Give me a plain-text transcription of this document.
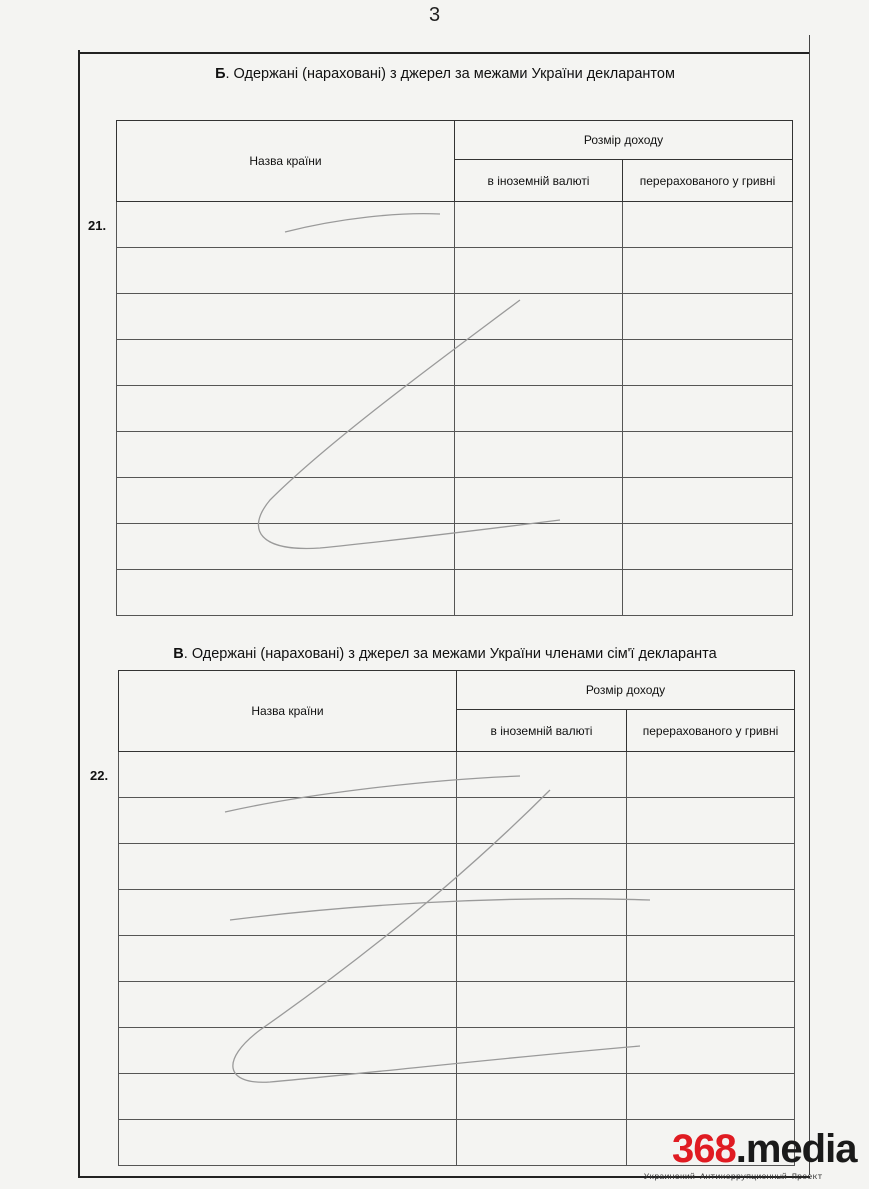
3
Б. Одержані (нараховані) з джерел за межами України декларантом
21.
Назва країни	Розмір доходу	
	в іноземній валюті	перерахованого у гривні

В. Одержані (нараховані) з джерел за межами України членами сім'ї декларанта
22.
Назва країни	Розмір доходу	
	в іноземній валюті	перерахованого у гривні

368.media
Украинский Антикоррупционный Проект
